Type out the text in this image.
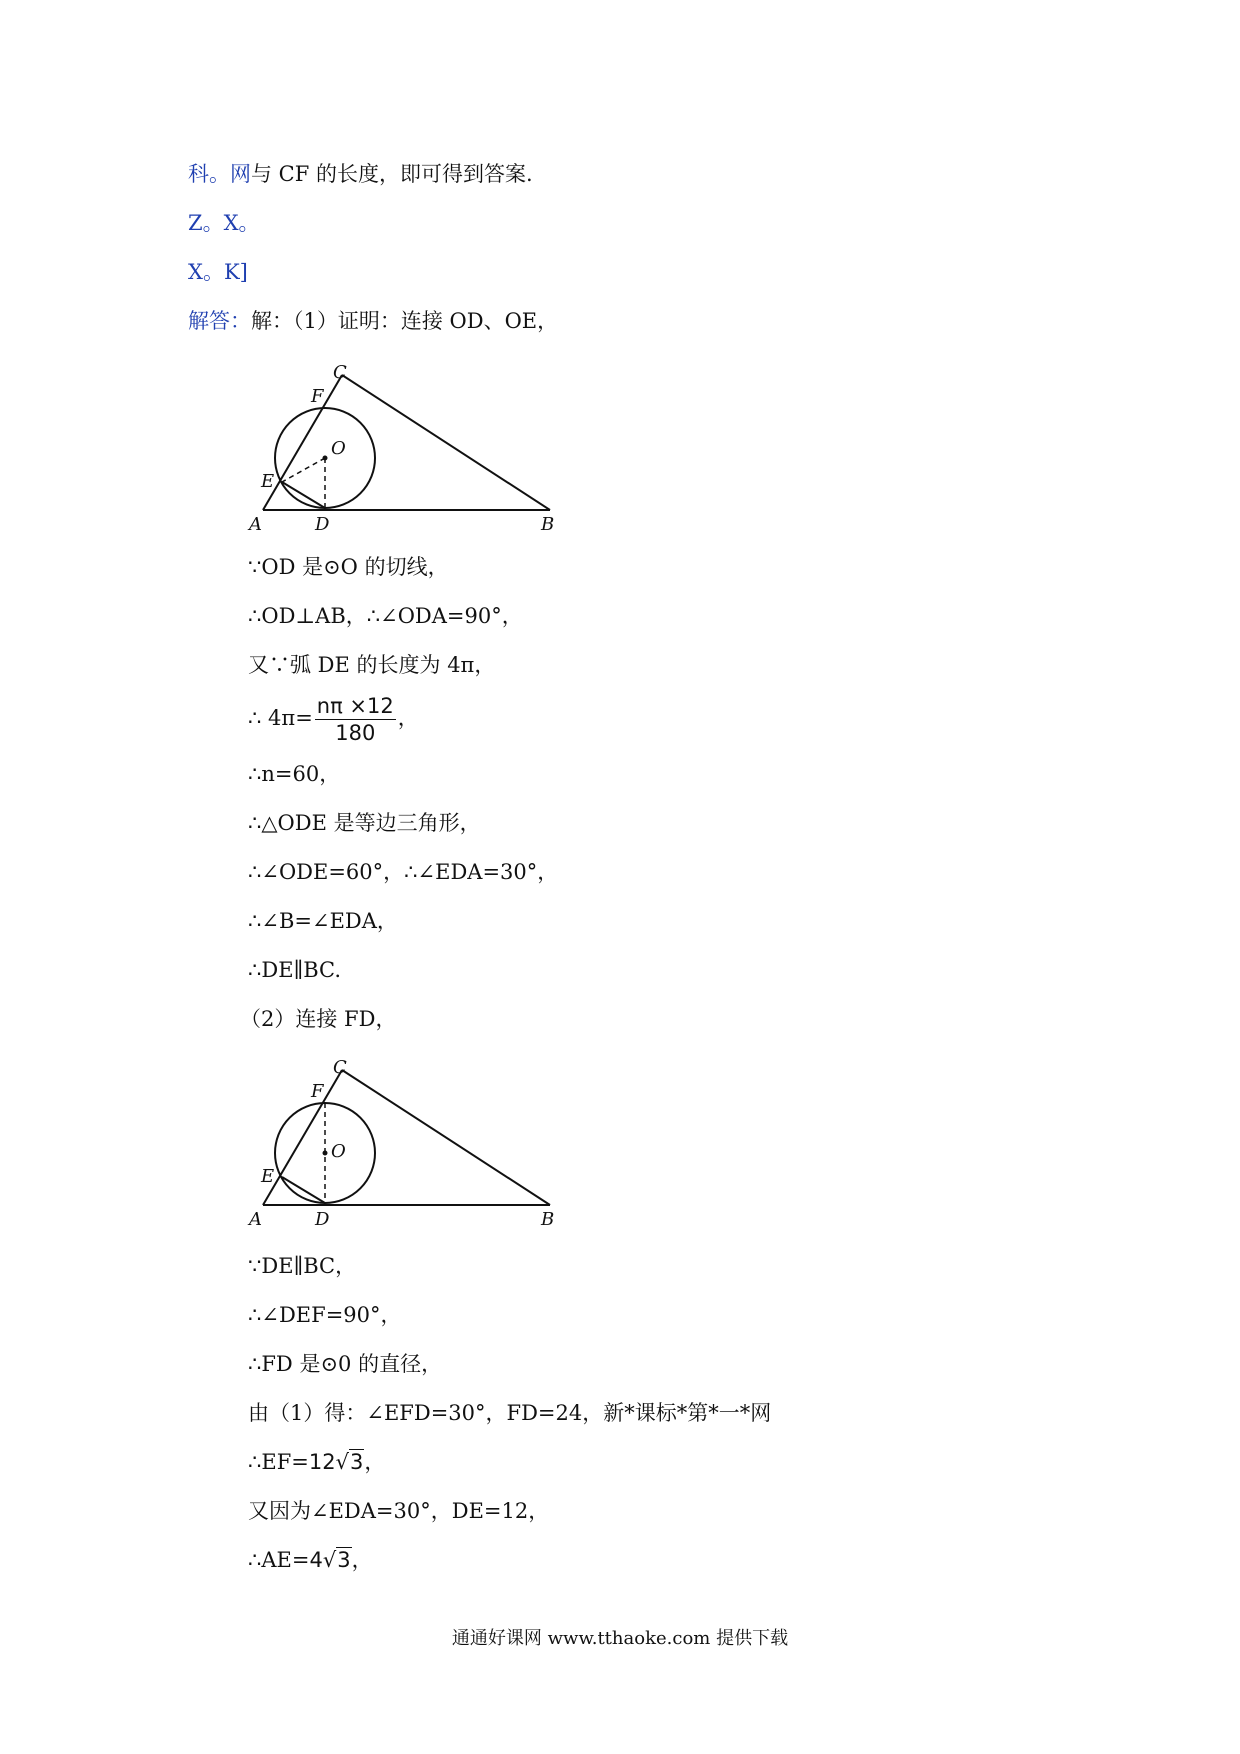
科。网与 CF 的长度，即可得到答案.
Z。X。
X。K]
解答：解：（1）证明：连接 OD、OE，
C
F
O
E
A	D	B
∵OD 是⊙O 的切线，
∴OD⊥AB，∴∠ODA=90°，
又∵弧 DE 的长度为 4π，
∴ $4\pi= \frac{n\pi \times 12}{180}$ ，
∴n=60，
∴△ODE 是等边三角形，
∴∠ODE=60°，∴∠EDA=30°，
∴∠B=∠EDA，
∴DE∥BC.
（2）连接 FD，
C
F
O
E
A	D	B
∵DE∥BC，
∴∠DEF=90°，
∴FD 是⊙0 的直径，
由（1）得：∠EFD=30°，FD=24，新*课标*第*一*网
∴EF=12√3，
又因为∠EDA=30°，DE=12，
∴AE=4√3，
通通好课网 www.tthaoke.com 提供下载
